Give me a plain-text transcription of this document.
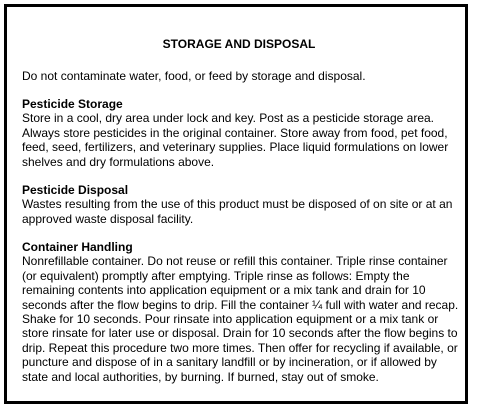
STORAGE AND DISPOSAL

Do not contaminate water, food, or feed by storage and disposal.

Pesticide Storage

Store in a cool, dry area under lock and key. Post as a pesticide storage area. Always store pesticides in the original container. Store away from food, pet food, feed, seed, fertilizers, and veterinary supplies. Place liquid formulations on lower shelves and dry formulations above.

Pesticide Disposal

Wastes resulting from the use of this product must be disposed of on site or at an approved waste disposal facility.

Container Handling

Nonrefillable container. Do not reuse or refill this container. Triple rinse container (or equivalent) promptly after emptying. Triple rinse as follows: Empty the remaining contents into application equipment or a mix tank and drain for 10 seconds after the flow begins to drip. Fill the container ¼ full with water and recap. Shake for 10 seconds. Pour rinsate into application equipment or a mix tank or store rinsate for later use or disposal. Drain for 10 seconds after the flow begins to drip. Repeat this procedure two more times. Then offer for recycling if available, or puncture and dispose of in a sanitary landfill or by incineration, or if allowed by state and local authorities, by burning. If burned, stay out of smoke.
